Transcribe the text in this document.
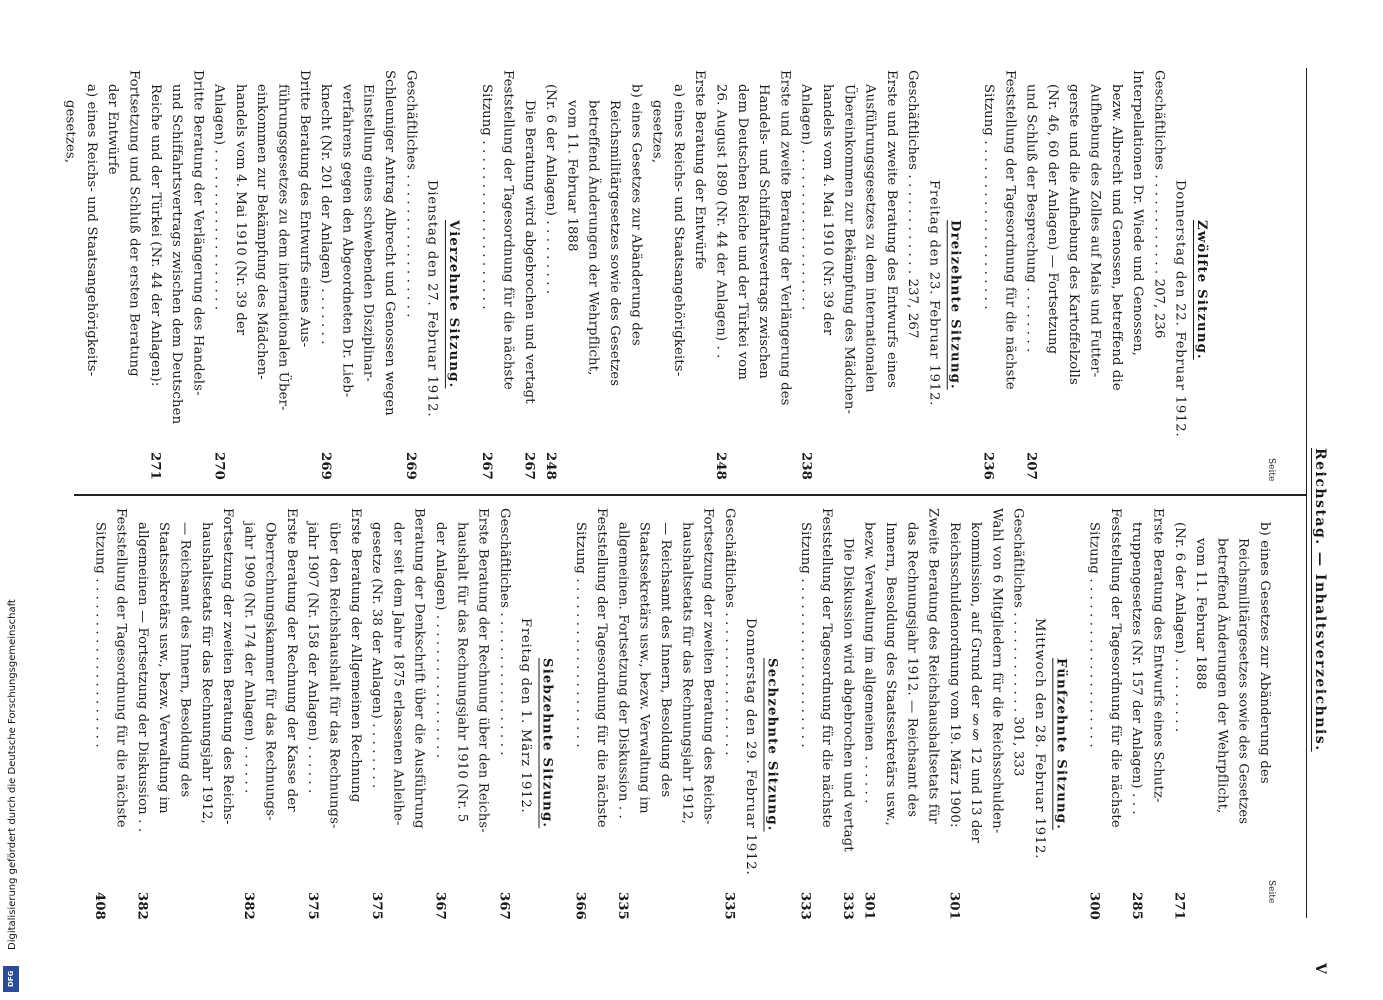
Reichstag. — Inhaltsverzeichnis.
V
Seite
Seite
b) eines Gesetzes zur Abänderung des
Reichsmilitärgesetzes sowie des Gesetzes
betreffend Änderungen der Wehrpflicht,
vom 11. Februar 1888
(Nr. 6 der Anlagen) . . . . . . . . .
271
Erste Beratung des Entwurfs eines Schutz-
truppengesetzes (Nr. 157 der Anlagen) . . .
285
Feststellung der Tagesordnung für die nächste
Sitzung . . . . . . . . . . . . . . . . . . . .
300
Fünfzehnte Sitzung.
Mittwoch den 28. Februar 1912.
Geschäftliches . . . . . . . . . . . . 301, 333
Wahl von 6 Mitgliedern für die Reichsschulden-
kommission, auf Grund der §§ 12 und 13 der
Reichsschuldenordnung vom 19. März 1900:
301
Zweite Beratung des Reichshaushaltsetats für
das Rechnungsjahr 1912. — Reichsamt des
Innern, Besoldung des Staatssekretärs usw.,
bezw. Verwaltung im allgemeinen . . . . . .
301
Die Diskussion wird abgebrochen und vertagt
333
Feststellung der Tagesordnung für die nächste
Sitzung . . . . . . . . . . . . . . . . . . . .
333
Sechzehnte Sitzung.
Donnerstag den 29. Februar 1912.
Geschäftliches . . . . . . . . . . . . . . . . .
335
Fortsetzung der zweiten Beratung des Reichs-
haushaltsetats für das Rechnungsjahr 1912,
— Reichsamt des Innern, Besoldung des
Staatssekretärs usw., bezw. Verwaltung im
allgemeinen. Fortsetzung der Diskussion . .
335
Feststellung der Tagesordnung für die nächste
Sitzung . . . . . . . . . . . . . . . . . . . .
366
Siebzehnte Sitzung.
Freitag den 1. März 1912.
Geschäftliches . . . . . . . . . . . . . . . . .
367
Erste Beratung der Rechnung über den Reichs-
haushalt für das Rechnungsjahr 1910 (Nr. 5
der Anlagen) . . . . . . . . . . . . . . . . .
367
Beratung der Denkschrift über die Ausführung
der seit dem Jahre 1875 erlassenen Anleihe-
gesetze (Nr. 38 der Anlagen) . . . . . . . .
375
Erste Beratung der Allgemeinen Rechnung
über den Reichshaushalt für das Rechnungs-
jahr 1907 (Nr. 158 der Anlagen) . . . . . .
375
Erste Beratung der Rechnung der Kasse der
Oberrechnungskammer für das Rechnungs-
jahr 1909 (Nr. 174 der Anlagen) . . . . . .
382
Fortsetzung der zweiten Beratung des Reichs-
haushaltsetats für das Rechnungsjahr 1912,
— Reichsamt des Innern, Besoldung des
Staatssekretärs usw., bezw. Verwaltung im
allgemeinen — Fortsetzung der Diskussion . .
382
Feststellung der Tagesordnung für die nächste
Sitzung . . . . . . . . . . . . . . . . . . . .
408
Zwölfte Sitzung.
Donnerstag den 22. Februar 1912.
Geschäftliches . . . . . . . . . . . . 207, 236
Interpellationen Dr. Wiede und Genossen,
bezw. Albrecht und Genossen, betreffend die
Aufhebung des Zolles auf Mais und Futter-
gerste und die Aufhebung des Kartoffelzolls
(Nr. 46, 60 der Anlagen) — Fortsetzung
und Schluß der Besprechung . . . . . . . .
207
Feststellung der Tagesordnung für die nächste
Sitzung . . . . . . . . . . . . . . . . . . . .
236
Dreizehnte Sitzung.
Freitag den 23. Februar 1912.
Geschäftliches . . . . . . . . . . . . 237, 267
Erste und zweite Beratung des Entwurfs eines
Ausführungsgesetzes zu dem internationalen
Übereinkommen zur Bekämpfung des Mädchen-
handels vom 4. Mai 1910 (Nr. 39 der
Anlagen) . . . . . . . . . . . . . . . . . . .
238
Erste und zweite Beratung der Verlängerung des
Handels- und Schiffahrtsvertrags zwischen
dem Deutschen Reiche und der Türkei vom
26. August 1890 (Nr. 44 der Anlagen) . .
248
Erste Beratung der Entwürfe
a) eines Reichs- und Staatsangehörigkeits-
gesetzes,
b) eines Gesetzes zur Abänderung des
Reichsmilitärgesetzes sowie des Gesetzes
betreffend Änderungen der Wehrpflicht,
vom 11. Februar 1888
(Nr. 6 der Anlagen) . . . . . . . . .
248
Die Beratung wird abgebrochen und vertagt
267
Feststellung der Tagesordnung für die nächste
Sitzung . . . . . . . . . . . . . . . . . . . .
267
Vierzehnte Sitzung.
Dienstag den 27. Februar 1912.
Geschäftliches . . . . . . . . . . . . . . . . .
269
Schleuniger Antrag Albrecht und Genossen wegen
Einstellung eines schwebenden Disziplinar-
verfahrens gegen den Abgeordneten Dr. Lieb-
knecht (Nr. 201 der Anlagen) . . . . . . .
269
Dritte Beratung des Entwurfs eines Aus-
führungsgesetzes zu dem internationalen Über-
einkommen zur Bekämpfung des Mädchen-
handels vom 4. Mai 1910 (Nr. 39 der
Anlagen) . . . . . . . . . . . . . . . . . . .
270
Dritte Beratung der Verlängerung des Handels-
und Schiffahrtsvertrags zwischen dem Deutschen
Reiche und der Türkei (Nr. 44 der Anlagen):
271
Fortsetzung und Schluß der ersten Beratung
der Entwürfe
a) eines Reichs- und Staatsangehörigkeits-
gesetzes,
Digitalisierung gefördert durch die Deutsche Forschungsgemeinschaft
DFG
